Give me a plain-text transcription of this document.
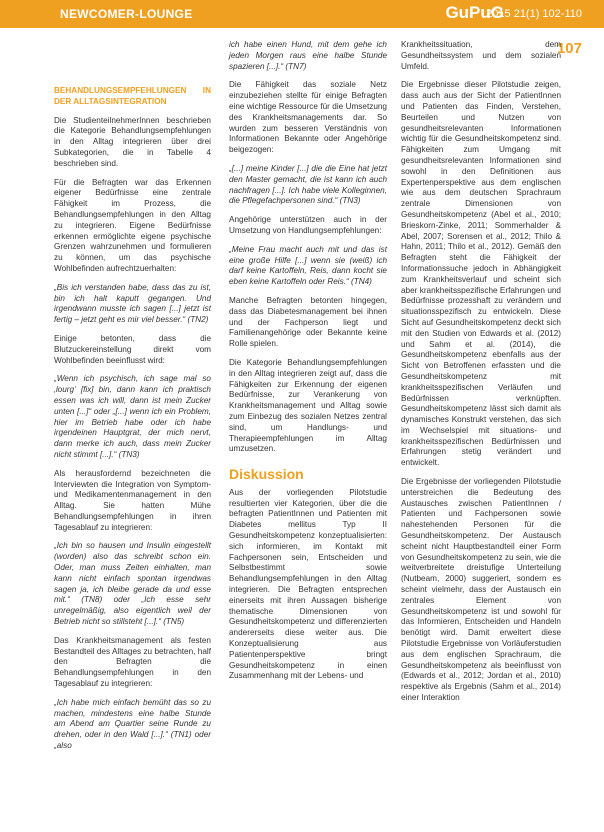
NEWCOMER-LOUNGE	GuPuG
2015 21(1) 102-110
107

BEHANDLUNGSEMPFEHLUNGEN IN DER ALLTAGSINTEGRATION

Die StudienteilnehmerInnen beschrieben die Kategorie Behandlungsempfehlungen in den Alltag integrieren über drei Subkategorien, die in Tabelle 4 beschrieben sind.

Für die Befragten war das Erkennen eigener Bedürfnisse eine zentrale Fähigkeit im Prozess, die Behandlungsempfehlungen in den Alltag zu integrieren. Eigene Bedürfnisse erkennen ermöglichte eigene psychische Grenzen wahrzunehmen und formulieren zu können, um das psychische Wohlbefinden aufrechtzuerhalten:

„Bis ich verstanden habe, dass das zu ist, bin ich halt kaputt gegangen. Und irgendwann musste ich sagen [...] jetzt ist fertig – jetzt geht es mir viel besser.“ (TN2)

Einige betonten, dass die Blutzuckereinstellung direkt vom Wohlbefinden beeinflusst wird:

„Wenn ich psychisch, ich sage mal so ‚lourg‘ [fix] bin, dann kann ich praktisch essen was ich will, dann ist mein Zucker unten [...]“ oder „[...] wenn ich ein Problem, hier im Betrieb habe oder ich habe irgendeinen Hauptgrat, der mich nervt, dann merke ich auch, dass mein Zucker nicht stimmt [...].“ (TN3)

Als herausfordernd bezeichneten die Interviewten die Integration von Symptom- und Medikamentenmanagement in den Alltag. Sie hatten Mühe Behandlungsempfehlungen in ihren Tagesablauf zu integrieren:

„Ich bin so hausen und Insulin eingestellt (worden) also das schreibt schon ein. Oder, man muss Zeiten einhalten, man kann nicht einfach spontan irgendwas sagen ja, ich bleibe gerade da und esse mit.“ (TN8) oder „Ich esse sehr unregelmäßig, also eigentlich weil der Betrieb nicht so stillsteht [...].“ (TN5)

Das Krankheitsmanagement als festen Bestandteil des Alltages zu betrachten, half den Befragten die Behandlungsempfehlungen in den Tagesablauf zu integrieren:

„Ich habe mich einfach bemüht das so zu machen, mindestens eine halbe Stunde am Abend am Quartier seine Runde zu drehen, oder in den Wald [...].“ (TN1) oder „also

ich habe einen Hund, mit dem gehe ich jeden Morgen raus eine halbe Stunde spazieren [...].“ (TN7)

Die Fähigkeit das soziale Netz einzubeziehen stellte für einige Befragten eine wichtige Ressource für die Umsetzung des Krankheitsmanagements dar. So wurden zum besseren Verständnis von Informationen Bekannte oder Angehörige beigezogen:

„[...] meine Kinder [...] die die Eine hat jetzt den Master gemacht, die ist kann ich auch nachfragen [...]. Ich habe viele Kolleginnen, die Pflegefachpersonen sind.“ (TN3)

Angehörige unterstützen auch in der Umsetzung von Handlungsempfehlungen:

„Meine Frau macht auch mit und das ist eine große Hilfe [...] wenn sie (weiß) ich darf keine Kartoffeln, Reis, dann kocht sie eben keine Kartoffeln oder Reis.“ (TN4)

Manche Befragten betonten hingegen, dass das Diabetesmanagement bei ihnen und der Fachperson liegt und Familienangehörige oder Bekannte keine Rolle spielen.

Die Kategorie Behandlungsempfehlungen in den Alltag integrieren zeigt auf, dass die Fähigkeiten zur Erkennung der eigenen Bedürfnisse, zur Verankerung von Krankheitsmanagement und Alltag sowie zum Einbezug des sozialen Netzes zentral sind, um Handlungs- und Therapieempfehlungen im Alltag umzusetzen.

Diskussion

Aus der vorliegenden Pilotstudie resultierten vier Kategorien, über die die befragten PatientInnen und Patienten mit Diabetes mellitus Typ II Gesundheitskompetenz konzeptualisierten: sich informieren, im Kontakt mit Fachpersonen sein, Entscheiden und Selbstbestimmt sowie Behandlungsempfehlungen in den Alltag integrieren. Die Befragten entsprechen einerseits mit ihren Aussagen bisherige thematische Dimensionen von Gesundheitskompetenz und differenzierten andererseits diese weiter aus. Die Konzeptualisierung aus Patientenperspektive bringt Gesundheitskompetenz in einen Zusammenhang mit der Lebens- und

Krankheitssituation, dem Gesundheitssystem und dem sozialen Umfeld.

Die Ergebnisse dieser Pilotstudie zeigen, dass auch aus der Sicht der PatientInnen und Patienten das Finden, Verstehen, Beurteilen und Nutzen von gesundheitsrelevanten Informationen wichtig für die Gesundheitskompetenz sind. Fähigkeiten zum Umgang mit gesundheitsrelevanten Informationen sind sowohl in den Definitionen aus Expertenperspektive aus dem englischen wie aus dem deutschen Sprachraum zentrale Dimensionen von Gesundheitskompetenz (Abel et al., 2010; Brieskorn-Zinke, 2011; Sommerhalder & Abel, 2007; Sorensen et al., 2012; Thilo & Hahn, 2011; Thilo et al., 2012). Gemäß den Befragten steht die Fähigkeit der Informationssuche jedoch in Abhängigkeit zum Krankheitsverlauf und scheint sich aber krankheitsspezifische Erfahrungen und Bedürfnisse prozesshaft zu verändern und situationsspezifisch zu entwickeln. Diese Sicht auf Gesundheitskompetenz deckt sich mit den Studien von Edwards et al. (2012) und Sahm et al. (2014), die Gesundheitskompetenz ebenfalls aus der Sicht von Betroffenen erfassten und die Gesundheitskompetenz mit krankheitsspezifischen Verläufen und Bedürfnissen verknüpften. Gesundheitskompetenz lässt sich damit als dynamisches Konstrukt verstehen, das sich im Wechselspiel mit situations- und krankheitsspezifischen Bedürfnissen und Erfahrungen stetig verändert und entwickelt.

Die Ergebnisse der vorliegenden Pilotstudie unterstreichen die Bedeutung des Austausches zwischen PatientInnen / Patienten und Fachpersonen sowie nahestehenden Personen für die Gesundheitskompetenz. Der Austausch scheint nicht Hauptbestandteil einer Form von Gesundheitskompetenz zu sein, wie die weitverbreitete dreistufige Unterteilung (Nutbeam, 2000) suggeriert, sondern es scheint vielmehr, dass der Austausch ein zentrales Element von Gesundheitskompetenz ist und sowohl für das Informieren, Entscheiden und Handeln benötigt wird. Damit erweitert diese Pilotstudie Ergebnisse von Vorläuferstudien aus dem englischen Sprachraum, die Gesundheitskompetenz als beeinflusst von (Edwards et al., 2012; Jordan et al., 2010) respektive als Ergebnis (Sahm et al., 2014) einer Interaktion
